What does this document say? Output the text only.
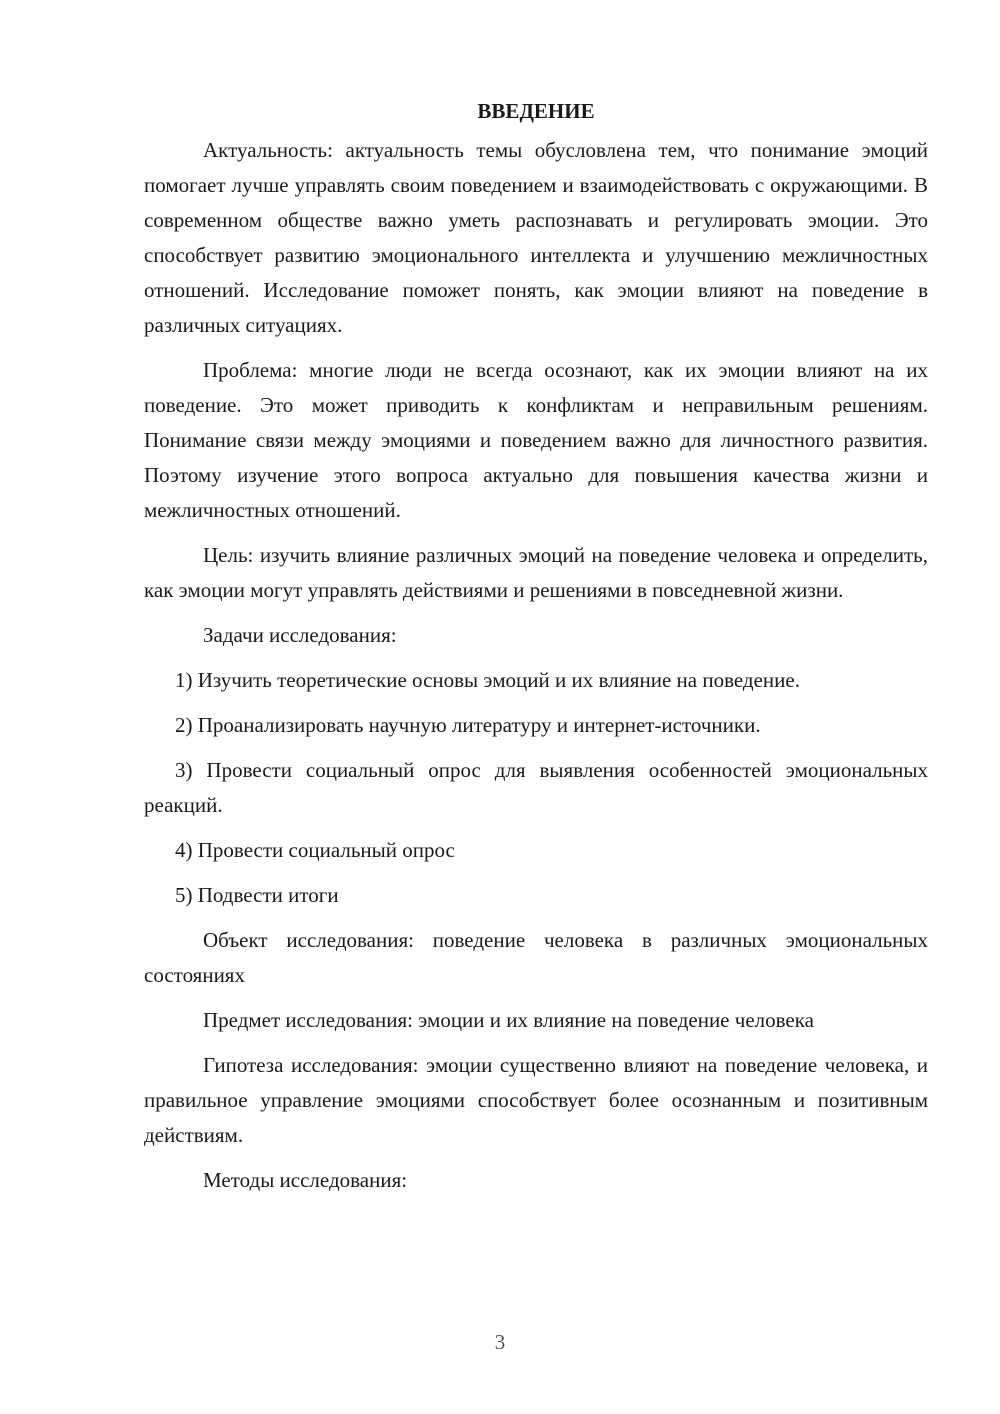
ВВЕДЕНИЕ

Актуальность: актуальность темы обусловлена тем, что понимание эмоций помогает лучше управлять своим поведением и взаимодействовать с окружающими. В современном обществе важно уметь распознавать и регулировать эмоции. Это способствует развитию эмоционального интеллекта и улучшению межличностных отношений. Исследование поможет понять, как эмоции влияют на поведение в различных ситуациях.

Проблема: многие люди не всегда осознают, как их эмоции влияют на их поведение. Это может приводить к конфликтам и неправильным решениям. Понимание связи между эмоциями и поведением важно для личностного развития. Поэтому изучение этого вопроса актуально для повышения качества жизни и межличностных отношений.

Цель: изучить влияние различных эмоций на поведение человека и определить, как эмоции могут управлять действиями и решениями в повседневной жизни.

Задачи исследования:

1) Изучить теоретические основы эмоций и их влияние на поведение.

2) Проанализировать научную литературу и интернет-источники.

3) Провести социальный опрос для выявления особенностей эмоциональных реакций.

4) Провести социальный опрос

5) Подвести итоги

Объект исследования: поведение человека в различных эмоциональных состояниях

Предмет исследования: эмоции и их влияние на поведение человека

Гипотеза исследования: эмоции существенно влияют на поведение человека, и правильное управление эмоциями способствует более осознанным и позитивным действиям.

Методы исследования:

3
